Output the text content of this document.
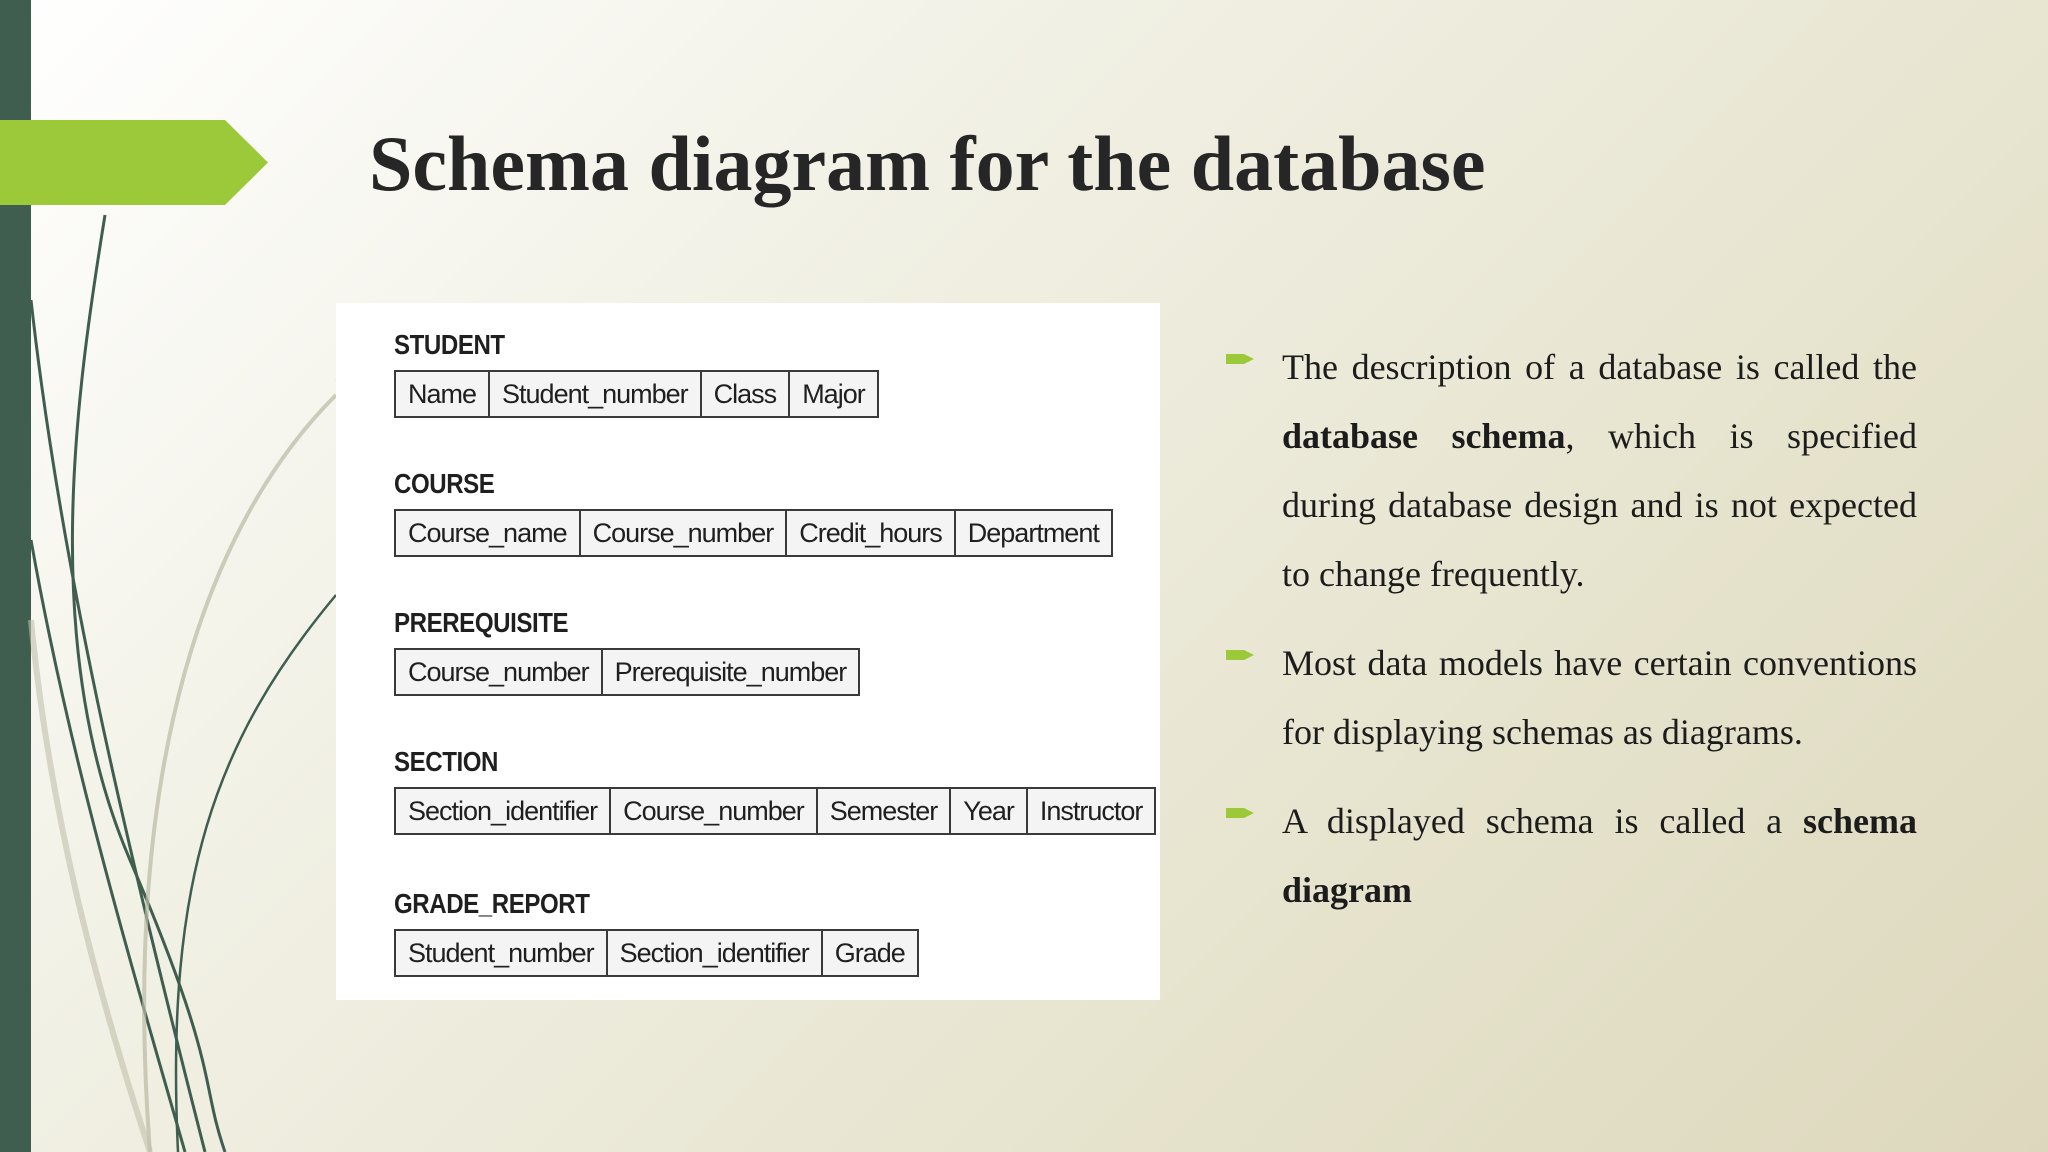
Schema diagram for the database
STUDENT
Name Student_number Class Major
COURSE
Course_name Course_number Credit_hours Department
PREREQUISITE
Course_number Prerequisite_number
SECTION
Section_identifier Course_number Semester Year Instructor
GRADE_REPORT
Student_number Section_identifier Grade

The description of a database is called the database schema, which is specified during database design and is not expected to change frequently.

Most data models have certain conventions for displaying schemas as diagrams.

A displayed schema is called a schema diagram
